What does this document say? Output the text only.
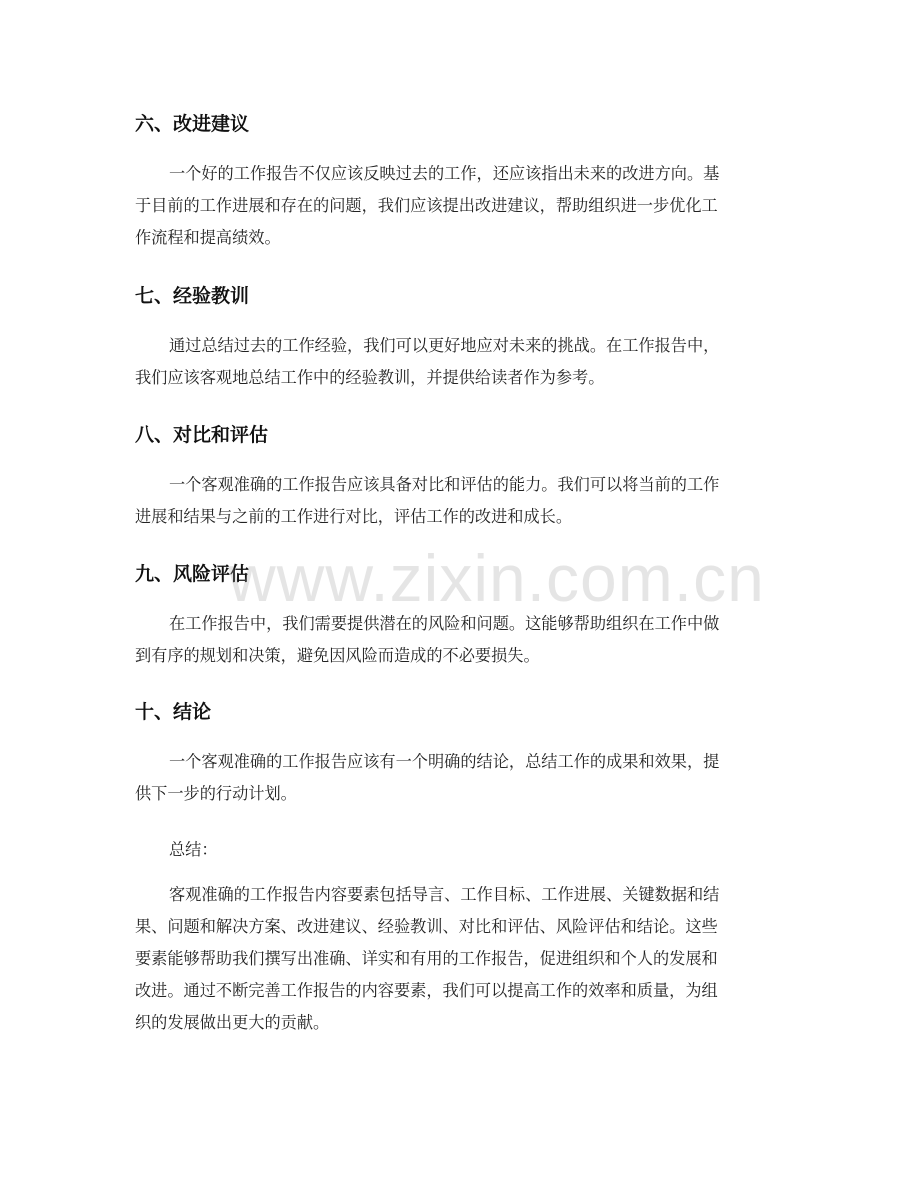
六、改进建议
一个好的工作报告不仅应该反映过去的工作，还应该指出未来的改进方向。基
于目前的工作进展和存在的问题，我们应该提出改进建议，帮助组织进一步优化工
作流程和提高绩效。
七、经验教训
通过总结过去的工作经验，我们可以更好地应对未来的挑战。在工作报告中，
我们应该客观地总结工作中的经验教训，并提供给读者作为参考。
八、对比和评估
一个客观准确的工作报告应该具备对比和评估的能力。我们可以将当前的工作
进展和结果与之前的工作进行对比，评估工作的改进和成长。
九、风险评估
在工作报告中，我们需要提供潜在的风险和问题。这能够帮助组织在工作中做
到有序的规划和决策，避免因风险而造成的不必要损失。
十、结论
一个客观准确的工作报告应该有一个明确的结论，总结工作的成果和效果，提
供下一步的行动计划。
总结：
客观准确的工作报告内容要素包括导言、工作目标、工作进展、关键数据和结
果、问题和解决方案、改进建议、经验教训、对比和评估、风险评估和结论。这些
要素能够帮助我们撰写出准确、详实和有用的工作报告，促进组织和个人的发展和
改进。通过不断完善工作报告的内容要素，我们可以提高工作的效率和质量，为组
织的发展做出更大的贡献。
www.zixin.com.cn
